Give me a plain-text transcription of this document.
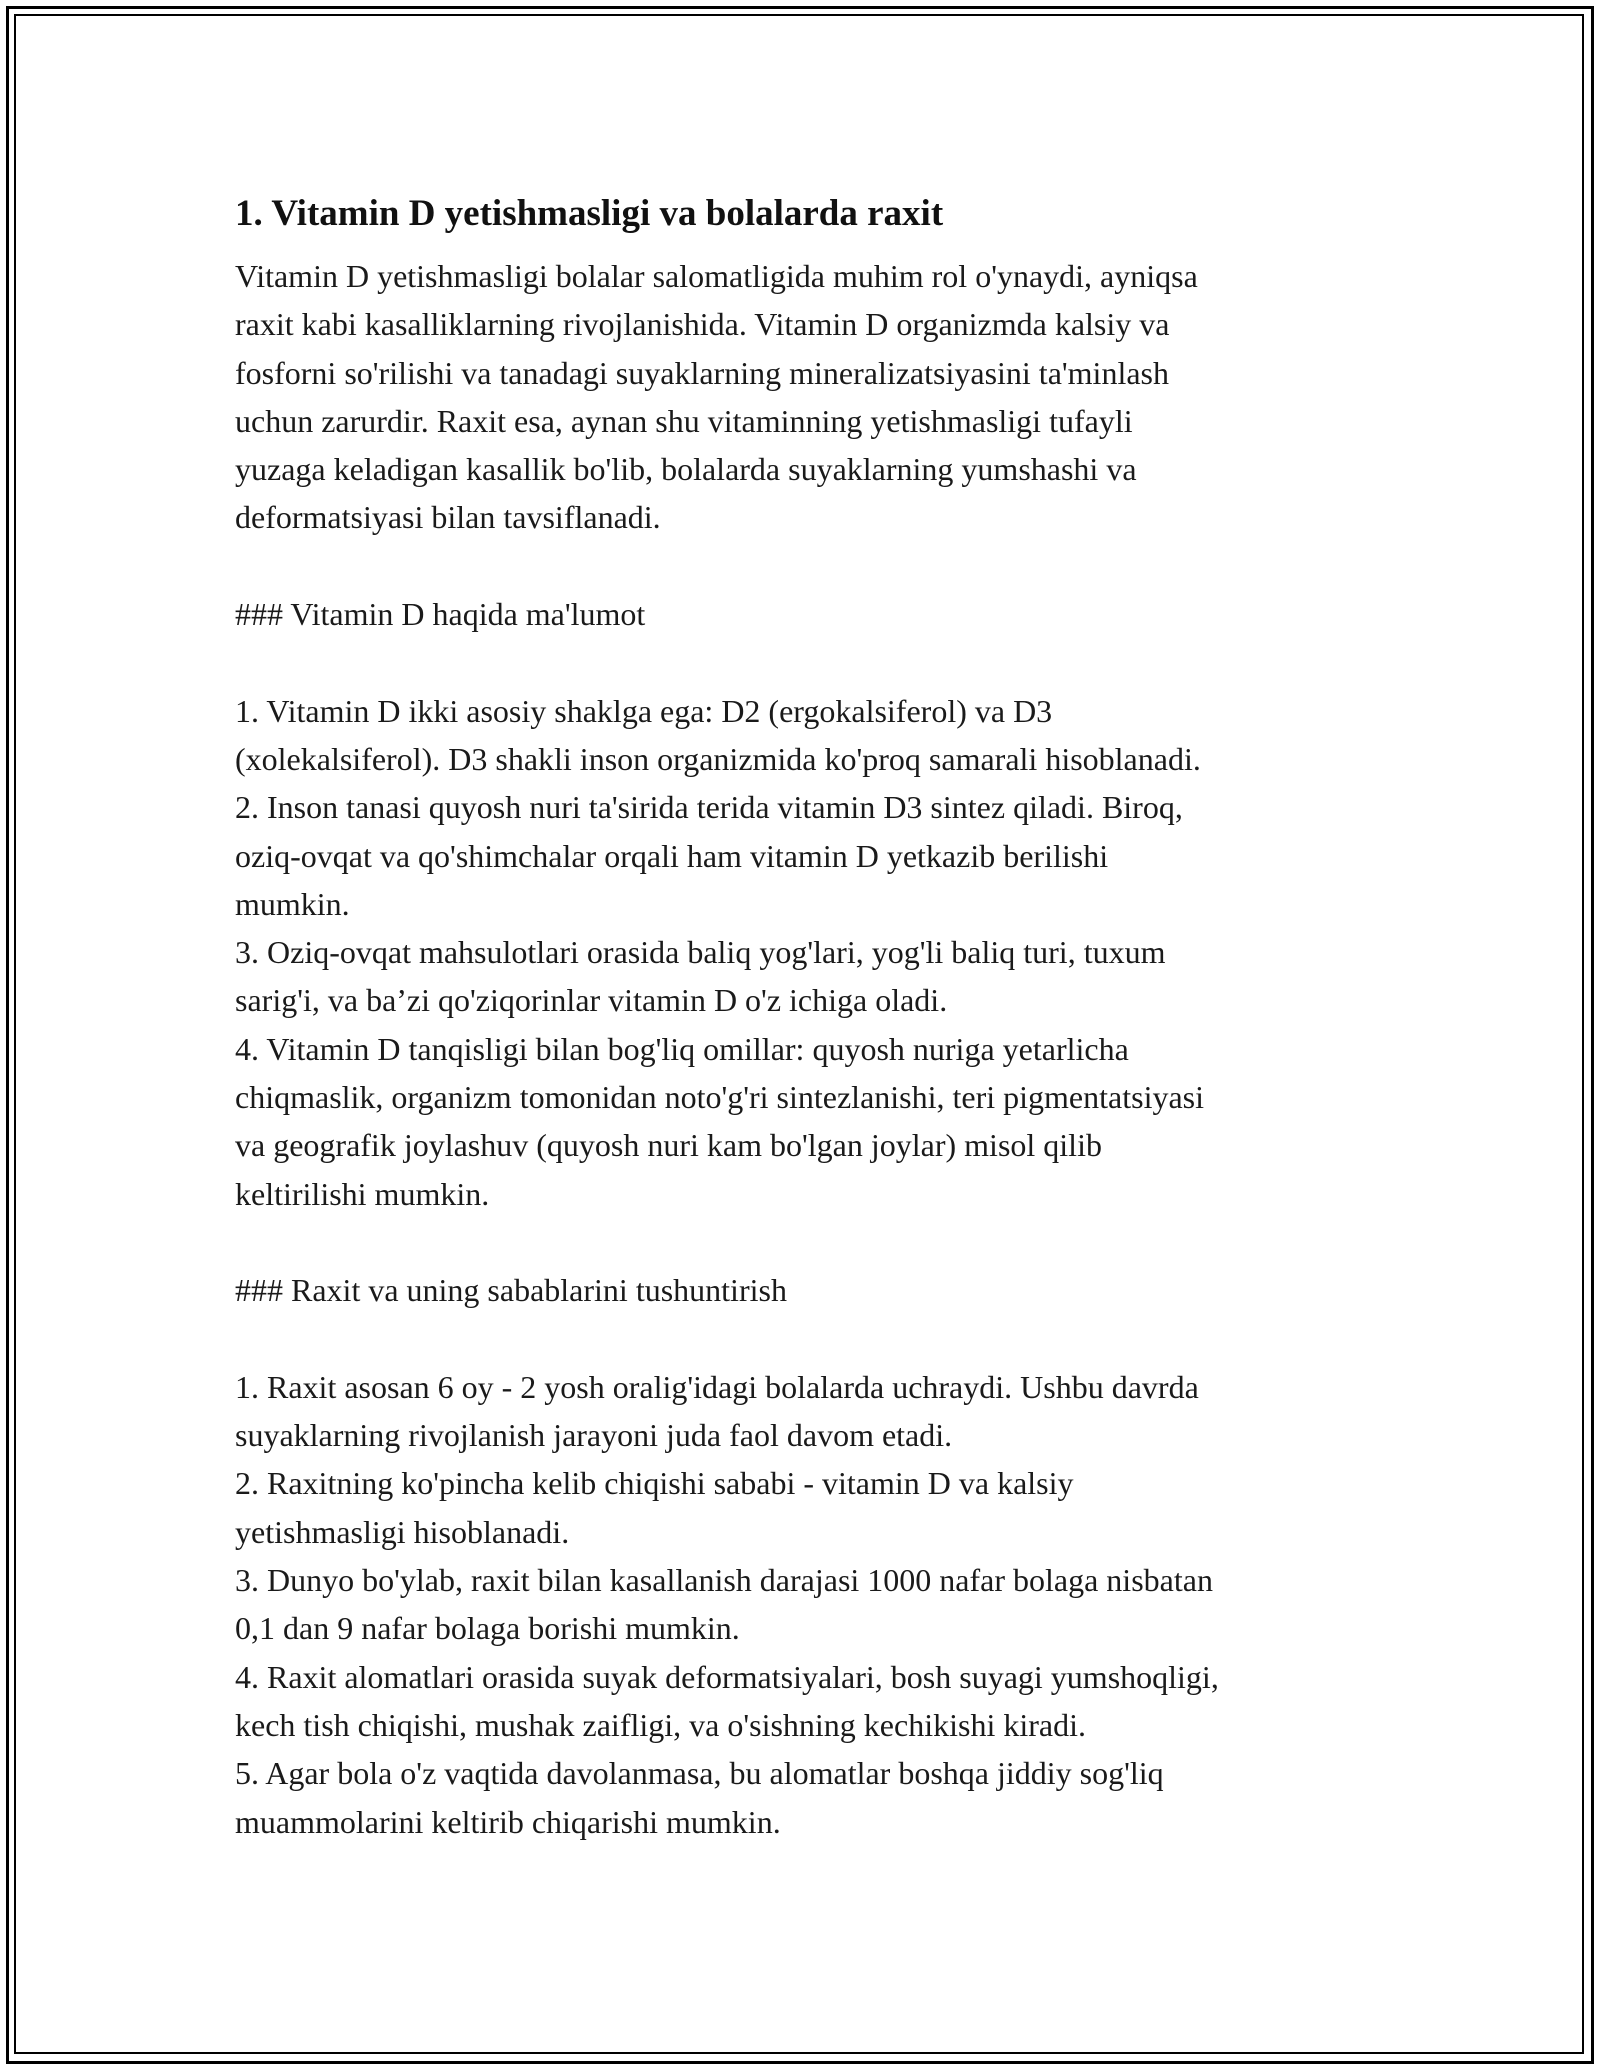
1. Vitamin D yetishmasligi va bolalarda raxit

Vitamin D yetishmasligi bolalar salomatligida muhim rol o'ynaydi, ayniqsa
raxit kabi kasalliklarning rivojlanishida. Vitamin D organizmda kalsiy va
fosforni so'rilishi va tanadagi suyaklarning mineralizatsiyasini ta'minlash
uchun zarurdir. Raxit esa, aynan shu vitaminning yetishmasligi tufayli
yuzaga keladigan kasallik bo'lib, bolalarda suyaklarning yumshashi va
deformatsiyasi bilan tavsiflanadi.

### Vitamin D haqida ma'lumot

1. Vitamin D ikki asosiy shaklga ega: D2 (ergokalsiferol) va D3
(xolekalsiferol). D3 shakli inson organizmida ko'proq samarali hisoblanadi.

2. Inson tanasi quyosh nuri ta'sirida terida vitamin D3 sintez qiladi. Biroq,
oziq-ovqat va qo'shimchalar orqali ham vitamin D yetkazib berilishi
mumkin.

3. Oziq-ovqat mahsulotlari orasida baliq yog'lari, yog'li baliq turi, tuxum
sarig'i, va ba’zi qo'ziqorinlar vitamin D o'z ichiga oladi.

4. Vitamin D tanqisligi bilan bog'liq omillar: quyosh nuriga yetarlicha
chiqmaslik, organizm tomonidan noto'g'ri sintezlanishi, teri pigmentatsiyasi
va geografik joylashuv (quyosh nuri kam bo'lgan joylar) misol qilib
keltirilishi mumkin.

### Raxit va uning sabablarini tushuntirish

1. Raxit asosan 6 oy - 2 yosh oralig'idagi bolalarda uchraydi. Ushbu davrda
suyaklarning rivojlanish jarayoni juda faol davom etadi.

2. Raxitning ko'pincha kelib chiqishi sababi - vitamin D va kalsiy
yetishmasligi hisoblanadi.

3. Dunyo bo'ylab, raxit bilan kasallanish darajasi 1000 nafar bolaga nisbatan
0,1 dan 9 nafar bolaga borishi mumkin.

4. Raxit alomatlari orasida suyak deformatsiyalari, bosh suyagi yumshoqligi,
kech tish chiqishi, mushak zaifligi, va o'sishning kechikishi kiradi.

5. Agar bola o'z vaqtida davolanmasa, bu alomatlar boshqa jiddiy sog'liq
muammolarini keltirib chiqarishi mumkin.
